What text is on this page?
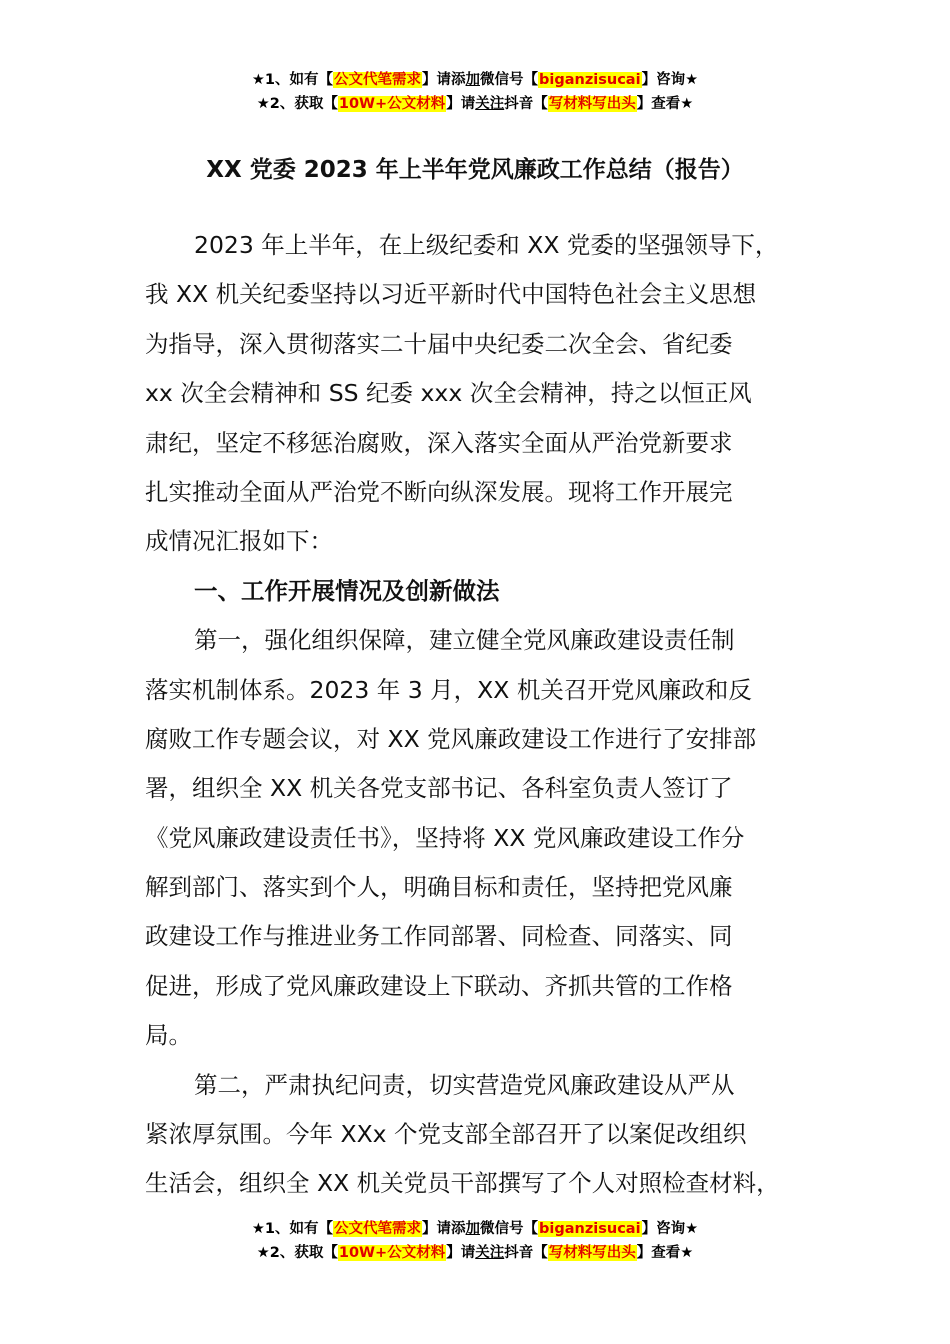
★1、如有【公文代笔需求】请添加微信号【biganzisucai】咨询★
★2、获取【10W+公文材料】请关注抖音【写材料写出头】查看★
XX 党委 2023 年上半年党风廉政工作总结（报告）
2023 年上半年，在上级纪委和 XX 党委的坚强领导下，
我 XX 机关纪委坚持以习近平新时代中国特色社会主义思想
为指导，深入贯彻落实二十届中央纪委二次全会、省纪委
xx 次全会精神和 SS 纪委 xxx 次全会精神，持之以恒正风
肃纪，坚定不移惩治腐败，深入落实全面从严治党新要求
扎实推动全面从严治党不断向纵深发展。现将工作开展完
成情况汇报如下：
一、工作开展情况及创新做法
第一，强化组织保障，建立健全党风廉政建设责任制
落实机制体系。2023 年 3 月，XX 机关召开党风廉政和反
腐败工作专题会议，对 XX 党风廉政建设工作进行了安排部
署，组织全 XX 机关各党支部书记、各科室负责人签订了
《党风廉政建设责任书》，坚持将 XX 党风廉政建设工作分
解到部门、落实到个人，明确目标和责任，坚持把党风廉
政建设工作与推进业务工作同部署、同检查、同落实、同
促进，形成了党风廉政建设上下联动、齐抓共管的工作格
局。
第二，严肃执纪问责，切实营造党风廉政建设从严从
紧浓厚氛围。今年 XXx 个党支部全部召开了以案促改组织
生活会，组织全 XX 机关党员干部撰写了个人对照检查材料，
★1、如有【公文代笔需求】请添加微信号【biganzisucai】咨询★
★2、获取【10W+公文材料】请关注抖音【写材料写出头】查看★
